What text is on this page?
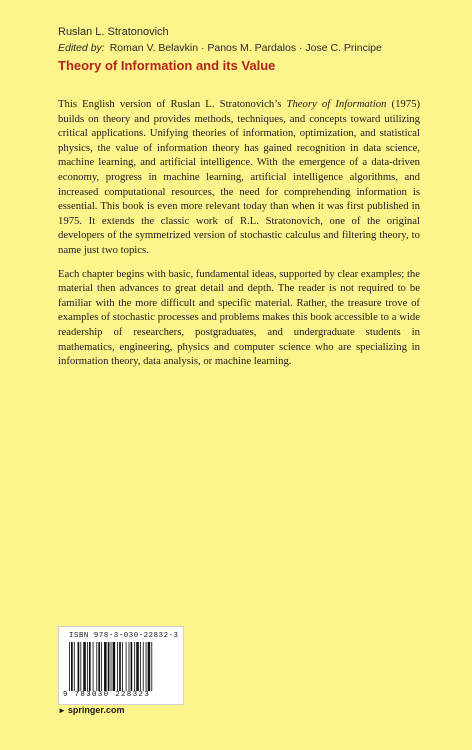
Ruslan L. Stratonovich
Edited by: Roman V. Belavkin · Panos M. Pardalos · Jose C. Principe
Theory of Information and its Value

This English version of Ruslan L. Stratonovich’s Theory of Information (1975) builds on theory and provides methods, techniques, and concepts toward utilizing critical applications. Unifying theories of information, optimization, and statistical physics, the value of information theory has gained recognition in data science, machine learning, and artificial intelligence. With the emergence of a data-driven economy, progress in machine learning, artificial intelligence algorithms, and increased computational resources, the need for comprehending information is essential. This book is even more relevant today than when it was first published in 1975. It extends the classic work of R.L. Stratonovich, one of the original developers of the symmetrized version of stochastic calculus and filtering theory, to name just two topics.

Each chapter begins with basic, fundamental ideas, supported by clear examples; the material then advances to great detail and depth. The reader is not required to be familiar with the more difficult and specific material. Rather, the treasure trove of examples of stochastic processes and problems makes this book accessible to a wide readership of researchers, postgraduates, and undergraduate students in mathematics, engineering, physics and computer science who are specializing in information theory, data analysis, or machine learning.

ISBN 978-3-030-22832-3
9 783030 228323
► springer.com
